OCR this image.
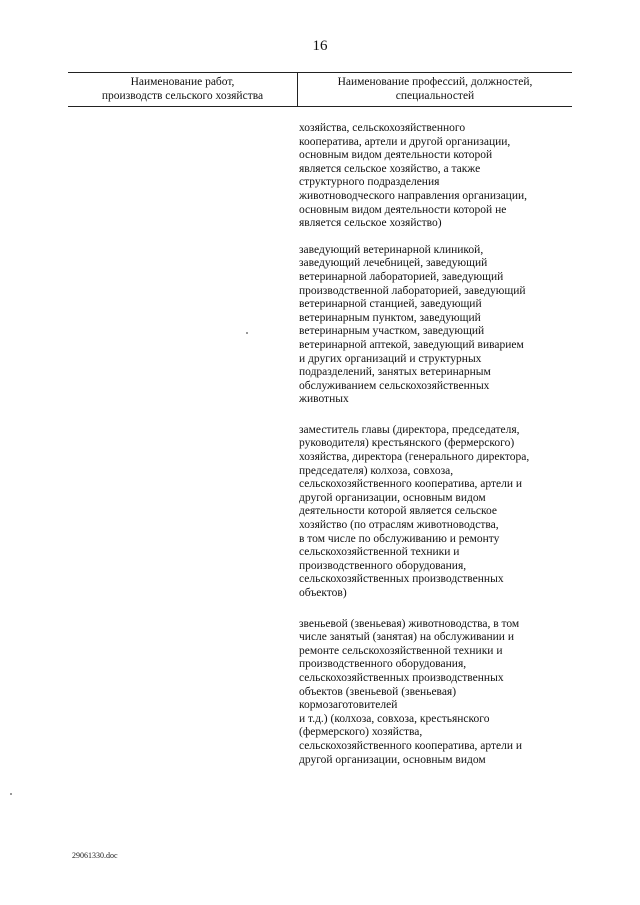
16
Наименование работ,
производств сельского хозяйства
Наименование профессий, должностей,
специальностей
хозяйства, сельскохозяйственного
кооператива, артели и другой организации,
основным видом деятельности которой
является сельское хозяйство, а также
структурного подразделения
животноводческого направления организации,
основным видом деятельности которой не
является сельское хозяйство)
заведующий ветеринарной клиникой,
заведующий лечебницей, заведующий
ветеринарной лабораторией, заведующий
производственной лабораторией, заведующий
ветеринарной станцией, заведующий
ветеринарным пунктом, заведующий
ветеринарным участком, заведующий
ветеринарной аптекой, заведующий виварием
и других организаций и структурных
подразделений, занятых ветеринарным
обслуживанием сельскохозяйственных
животных
заместитель главы (директора, председателя,
руководителя) крестьянского (фермерского)
хозяйства, директора (генерального директора,
председателя) колхоза, совхоза,
сельскохозяйственного кооператива, артели и
другой организации, основным видом
деятельности которой является сельское
хозяйство (по отраслям животноводства,
в том числе по обслуживанию и ремонту
сельскохозяйственной техники и
производственного оборудования,
сельскохозяйственных производственных
объектов)
звеньевой (звеньевая) животноводства, в том
числе занятый (занятая) на обслуживании и
ремонте сельскохозяйственной техники и
производственного оборудования,
сельскохозяйственных производственных
объектов (звеньевой (звеньевая)
кормозаготовителей
и т.д.) (колхоза, совхоза, крестьянского
(фермерского) хозяйства,
сельскохозяйственного кооператива, артели и
другой организации, основным видом
29061330.doc
